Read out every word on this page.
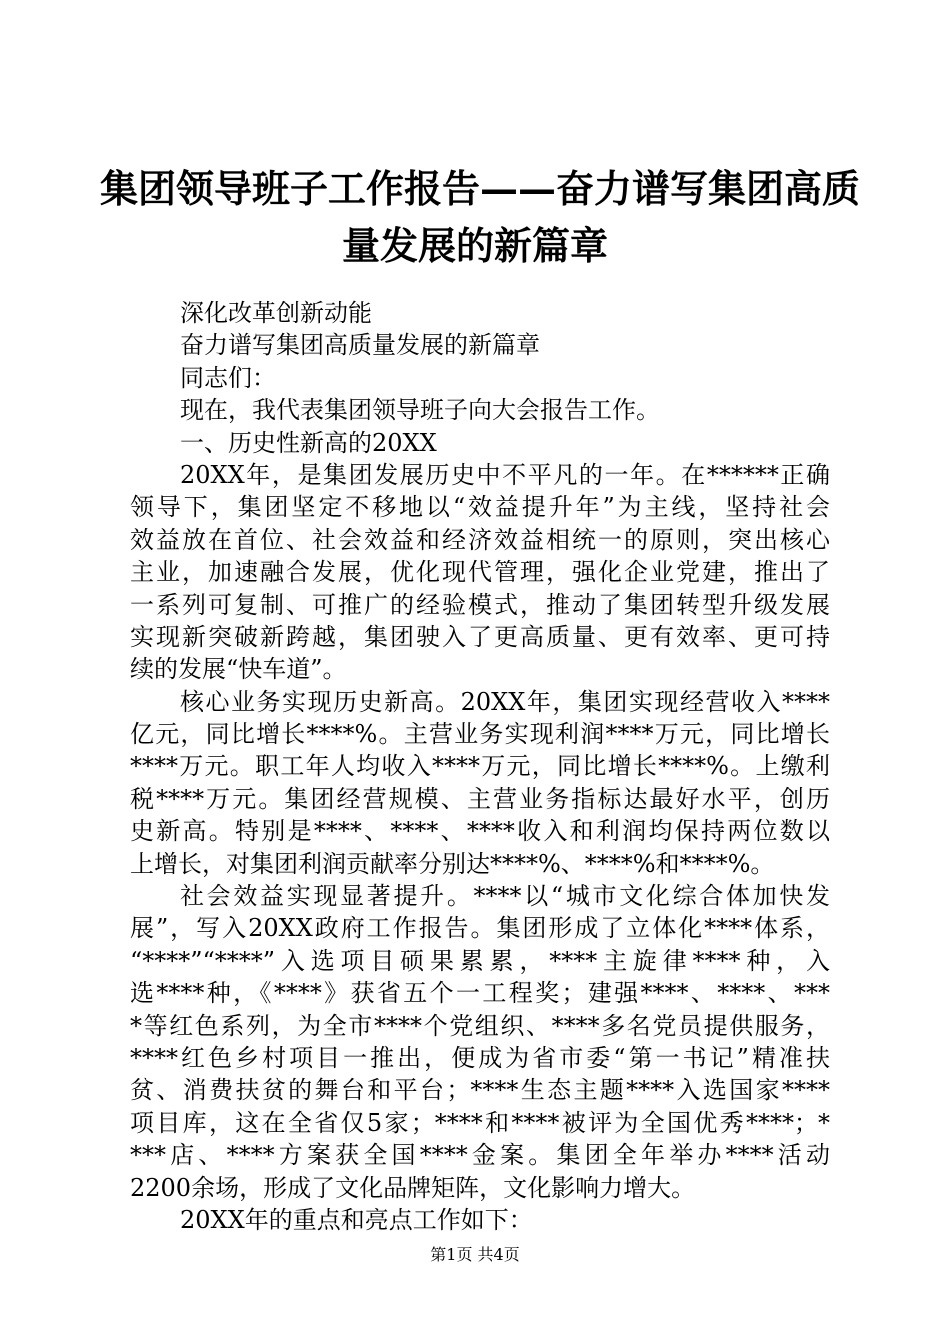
集团领导班子工作报告——奋力谱写集团高质
量发展的新篇章
深化改革创新动能
奋力谱写集团高质量发展的新篇章
同志们：
现在，我代表集团领导班子向大会报告工作。
一、历史性新高的20XX
20XX年，是集团发展历史中不平凡的一年。在******正确
领导下，集团坚定不移地以“效益提升年”为主线，坚持社会
效益放在首位、社会效益和经济效益相统一的原则，突出核心
主业，加速融合发展，优化现代管理，强化企业党建，推出了
一系列可复制、可推广的经验模式，推动了集团转型升级发展
实现新突破新跨越，集团驶入了更高质量、更有效率、更可持
续的发展“快车道”。
核心业务实现历史新高。20XX年，集团实现经营收入****
亿元，同比增长****%。主营业务实现利润****万元，同比增长
****万元。职工年人均收入****万元，同比增长****%。上缴利
税****万元。集团经营规模、主营业务指标达最好水平，创历
史新高。特别是****、****、****收入和利润均保持两位数以
上增长，对集团利润贡献率分别达****%、****%和****%。
社会效益实现显著提升。****以“城市文化综合体加快发
展”，写入20XX政府工作报告。集团形成了立体化****体系，
“****”“****”入选项目硕果累累，****主旋律****种，入
选****种，《****》获省五个一工程奖；建强****、****、***
*等红色系列，为全市****个党组织、****多名党员提供服务，
****红色乡村项目一推出，便成为省市委“第一书记”精准扶
贫、消费扶贫的舞台和平台；****生态主题****入选国家****
项目库，这在全省仅5家；****和****被评为全国优秀****；*
***店、****方案获全国****金案。集团全年举办****活动
2200余场，形成了文化品牌矩阵，文化影响力增大。
20XX年的重点和亮点工作如下：
第1页 共4页
